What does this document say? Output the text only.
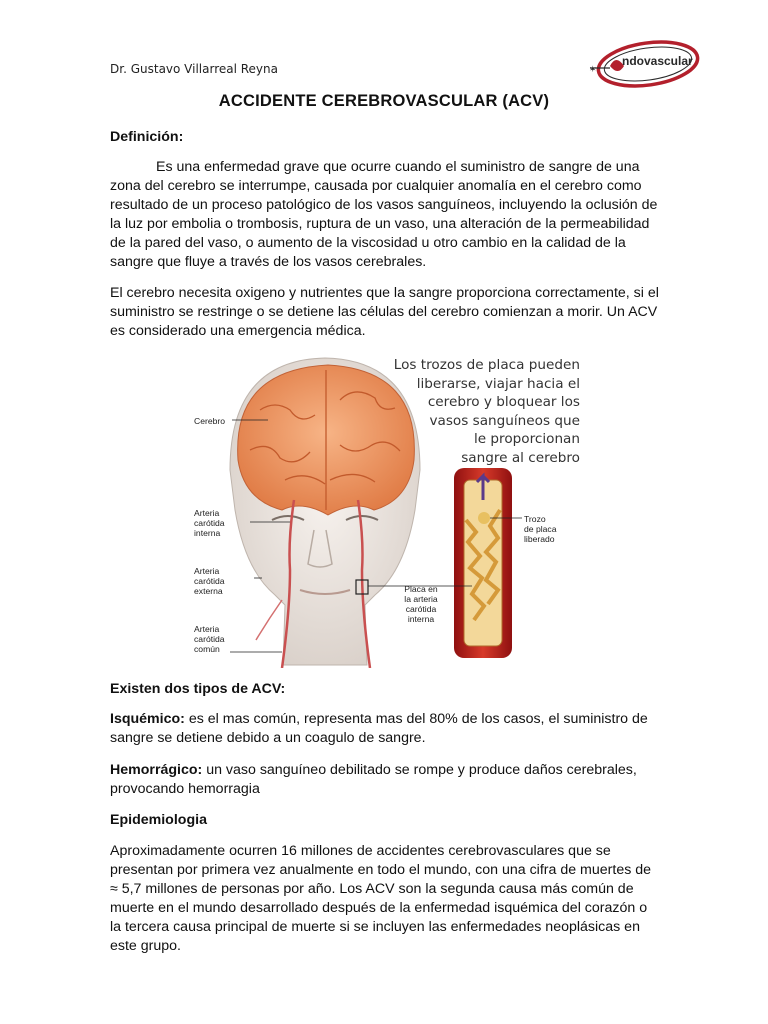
Dr. Gustavo Villarreal Reyna
ndovascular
✶
ACCIDENTE CEREBROVASCULAR (ACV)
Definición:
Es una enfermedad grave que ocurre cuando el suministro de sangre de una zona del cerebro se interrumpe, causada por cualquier anomalía en el cerebro como resultado de un proceso patológico de los vasos sanguíneos, incluyendo la oclusión de la luz por embolia o trombosis, ruptura de un vaso, una alteración de la permeabilidad de la pared del vaso, o aumento de la viscosidad u otro cambio en la calidad de la sangre que fluye a través de los vasos cerebrales.
El cerebro necesita oxigeno y nutrientes que la sangre proporciona correctamente, si el suministro se restringe o se detiene las células del cerebro comienzan a morir. Un ACV es considerado una emergencia médica.
Los trozos de placa pueden
liberarse, viajar hacia el
cerebro y bloquear los
vasos sanguíneos que
le proporcionan
sangre al cerebro
Cerebro
Arteria
carótida
interna
Arteria
carótida
externa
Arteria
carótida
común
Trozo
de placa
liberado
Placa en
la arteria
carótida
interna
Existen dos tipos de ACV:
Isquémico: es el mas común, representa mas del 80% de los casos, el suministro de sangre se detiene debido a un coagulo de sangre.
Hemorrágico: un vaso sanguíneo debilitado se rompe y produce daños cerebrales, provocando hemorragia
Epidemiologia
Aproximadamente ocurren 16 millones de accidentes cerebrovasculares que se presentan por primera vez anualmente en todo el mundo, con una cifra de muertes de ≈ 5,7 millones de personas por año. Los ACV son la segunda causa más común de muerte en el mundo desarrollado después de la enfermedad isquémica del corazón o la tercera causa principal de muerte si se incluyen las enfermedades neoplásicas en este grupo.
